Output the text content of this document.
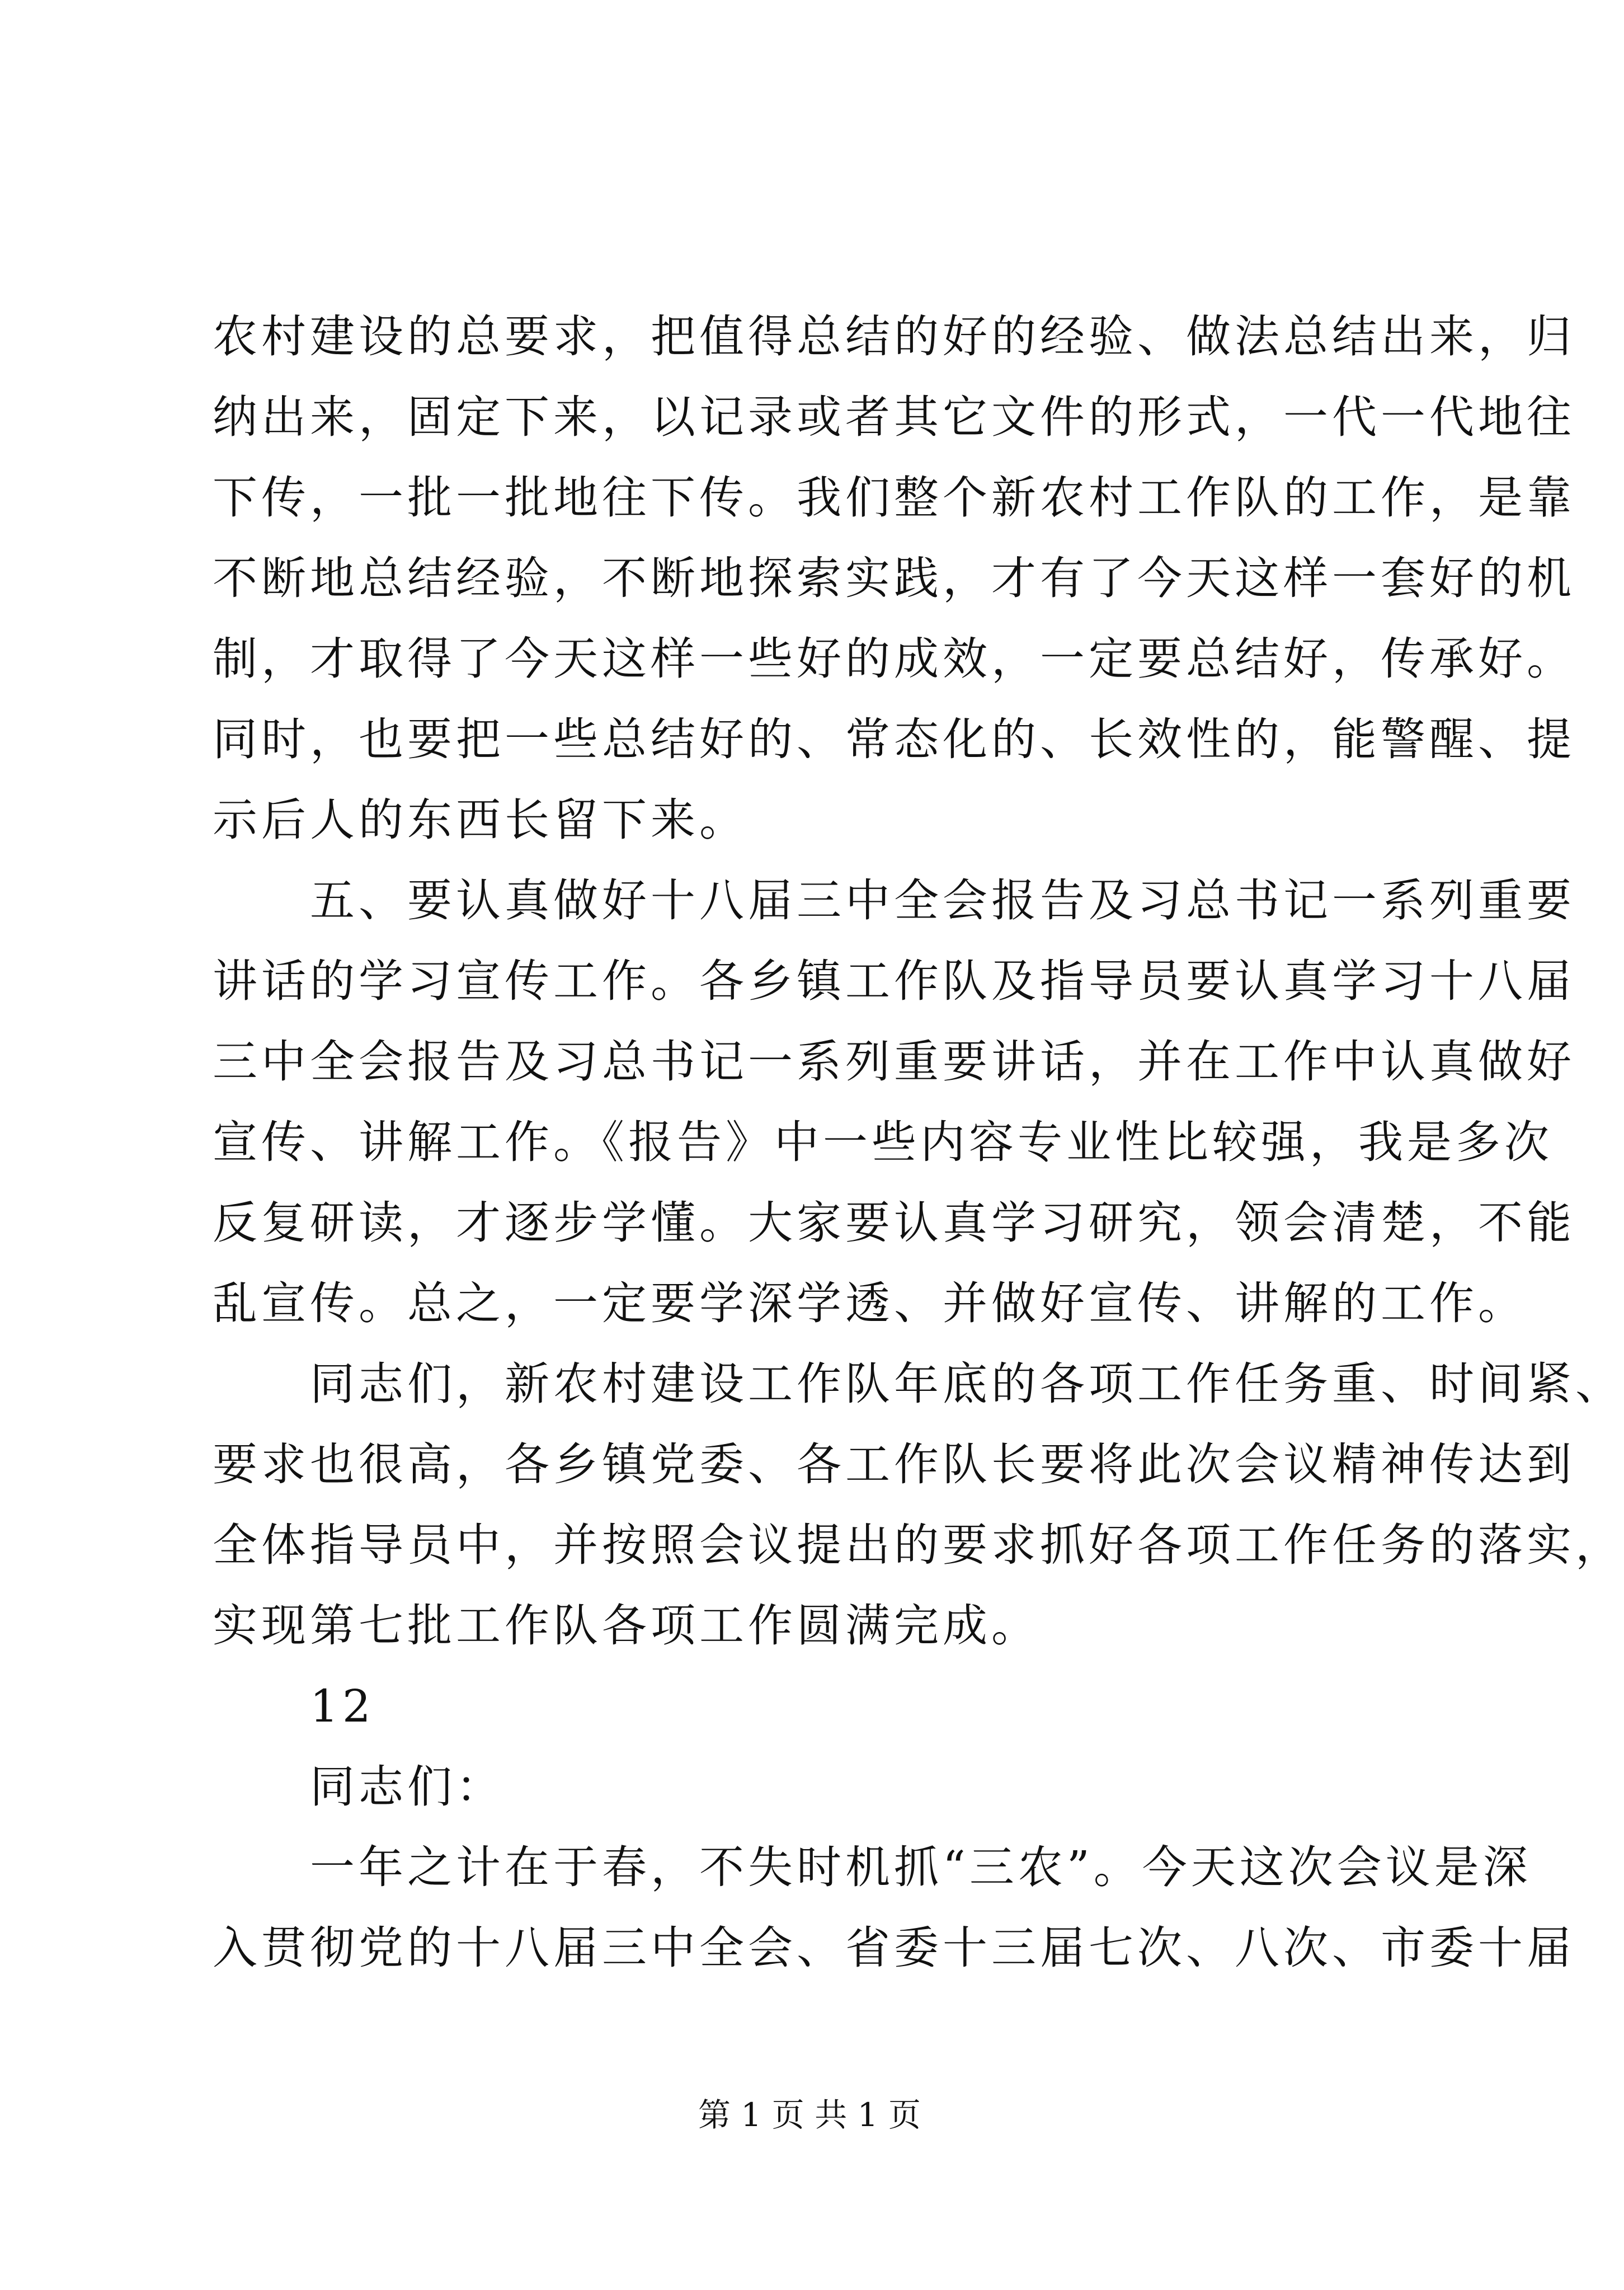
农村建设的总要求，把值得总结的好的经验、做法总结出来，归
纳出来，固定下来，以记录或者其它文件的形式，一代一代地往
下传，一批一批地往下传。我们整个新农村工作队的工作，是靠
不断地总结经验，不断地探索实践，才有了今天这样一套好的机
制，才取得了今天这样一些好的成效，一定要总结好，传承好。
同时，也要把一些总结好的、常态化的、长效性的，能警醒、提
示后人的东西长留下来。
　　五、要认真做好十八届三中全会报告及习总书记一系列重要
讲话的学习宣传工作。各乡镇工作队及指导员要认真学习十八届
三中全会报告及习总书记一系列重要讲话，并在工作中认真做好
宣传、讲解工作。《报告》中一些内容专业性比较强，我是多次
反复研读，才逐步学懂。大家要认真学习研究，领会清楚，不能
乱宣传。总之，一定要学深学透、并做好宣传、讲解的工作。
　　同志们，新农村建设工作队年底的各项工作任务重、时间紧、
要求也很高，各乡镇党委、各工作队长要将此次会议精神传达到
全体指导员中，并按照会议提出的要求抓好各项工作任务的落实，
实现第七批工作队各项工作圆满完成。
　　12
　　同志们：
　　一年之计在于春，不失时机抓“三农”。今天这次会议是深
入贯彻党的十八届三中全会、省委十三届七次、八次、市委十届
第 1 页 共 1 页
